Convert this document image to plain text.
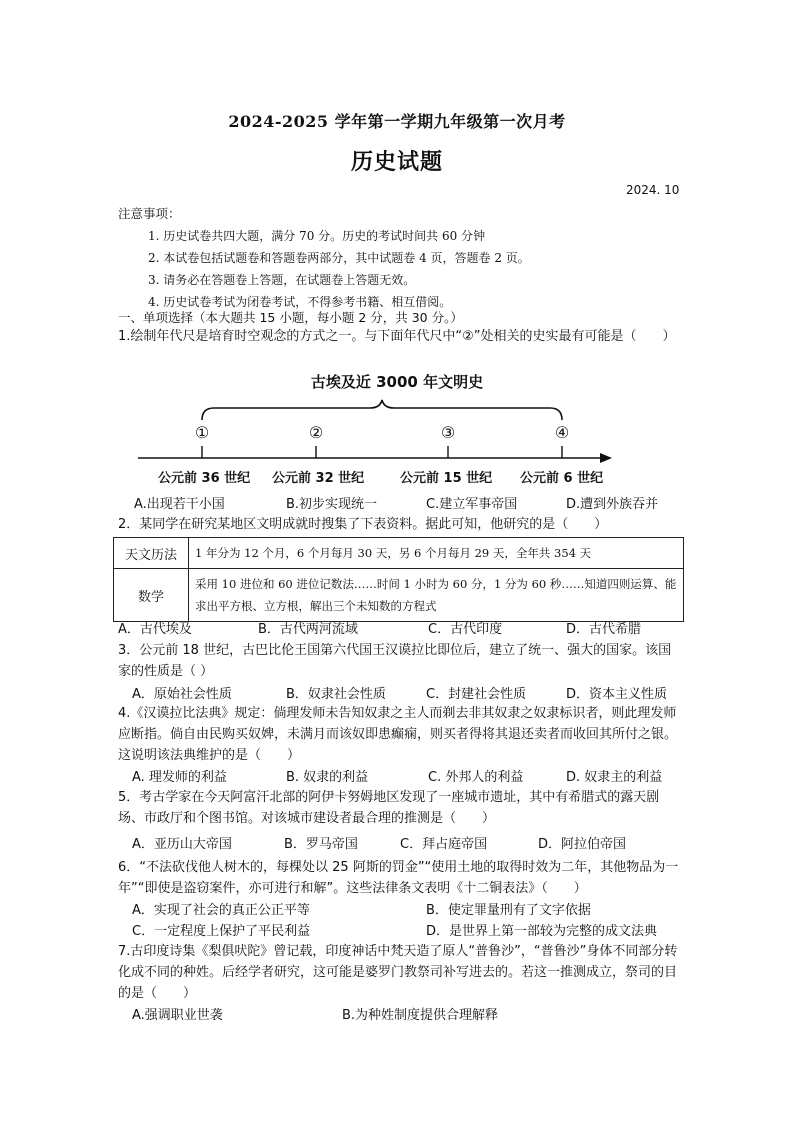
2024-2025 学年第一学期九年级第一次月考
历史试题
2024. 10
注意事项：
1. 历史试卷共四大题，满分 70 分。历史的考试时间共 60 分钟
2. 本试卷包括试题卷和答题卷两部分，其中试题卷 4 页，答题卷 2 页。
3. 请务必在答题卷上答题，在试题卷上答题无效。
4. 历史试卷考试为闭卷考试，不得参考书籍、相互借阅。
一、单项选择（本大题共 15 小题，每小题 2 分，共 30 分。）
1.绘制年代尺是培育时空观念的方式之一。与下面年代尺中“②”处相关的史实最有可能是（　　）
古埃及近 3000 年文明史
①	②	③	④
公元前 36 世纪 公元前 32 世纪	公元前 15 世纪 公元前 6 世纪
A.出现若干小国	B.初步实现统一	C.建立军事帝国	D.遭到外族吞并
2．某同学在研究某地区文明成就时搜集了下表资料。据此可知，他研究的是（　　）
天文历法	1 年分为 12 个月，6 个月每月 30 天，另 6 个月每月 29 天，全年共 354 天
数学	采用 10 进位和 60 进位记数法……时间 1 小时为 60 分，1 分为 60 秒……知道四则运算、能求出平方根、立方根，解出三个未知数的方程式
A．古代埃及	B．古代两河流域	C．古代印度	D．古代希腊
3．公元前 18 世纪，古巴比伦王国第六代国王汉谟拉比即位后，建立了统一、强大的国家。该国家的性质是（ ）
A．原始社会性质	B．奴隶社会性质	C．封建社会性质	D．资本主义性质
4.《汉谟拉比法典》规定：倘理发师未告知奴隶之主人而剃去非其奴隶之奴隶标识者，则此理发师应断指。倘自由民购买奴婢，未满月而该奴即患癫痫，则买者得将其退还卖者而收回其所付之银。这说明该法典维护的是（　　）
A. 理发师的利益	B. 奴隶的利益	C. 外邦人的利益	D. 奴隶主的利益
5．考古学家在今天阿富汗北部的阿伊卡努姆地区发现了一座城市遗址，其中有希腊式的露天剧场、市政厅和个图书馆。对该城市建设者最合理的推测是（　　）
A．亚历山大帝国	B．罗马帝国	C．拜占庭帝国	D．阿拉伯帝国
6．“不法砍伐他人树木的，每棵处以 25 阿斯的罚金”“使用土地的取得时效为二年，其他物品为一年”“即使是盗窃案件，亦可进行和解”。这些法律条文表明《十二铜表法》（　　）
A．实现了社会的真正公正平等	B．使定罪量刑有了文字依据
C．一定程度上保护了平民利益	D．是世界上第一部较为完整的成文法典
7.古印度诗集《梨俱吠陀》曾记载，印度神话中梵天造了原人“普鲁沙”，“普鲁沙”身体不同部分转化成不同的种姓。后经学者研究，这可能是婆罗门教祭司补写进去的。若这一推测成立，祭司的目的是（　　）
A.强调职业世袭	B.为种姓制度提供合理解释
